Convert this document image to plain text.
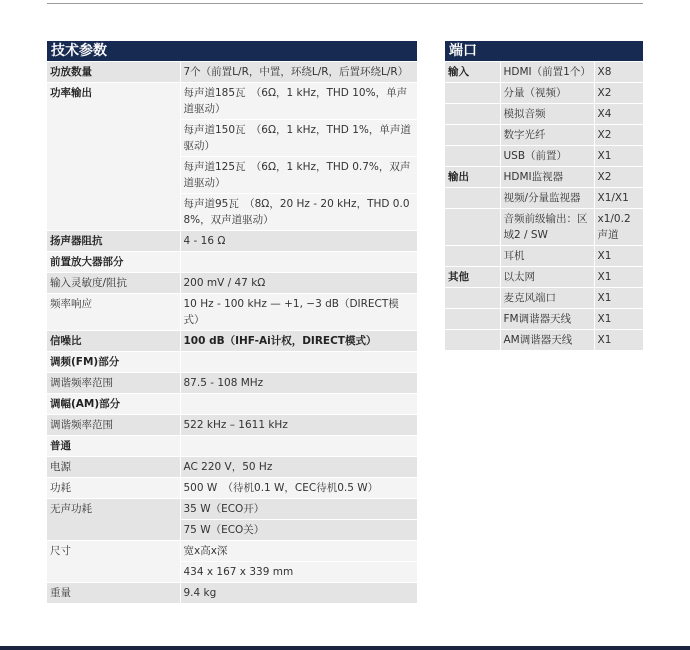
技术参数
功放数量	7个（前置L/R，中置，环绕L/R，后置环绕L/R）
功率输出	每声道185瓦　（6Ω，1 kHz，THD 10%，单声道驱动）
	每声道150瓦　（6Ω，1 kHz，THD 1%，单声道驱动）
	每声道125瓦　（6Ω，1 kHz，THD 0.7%，双声道驱动）
	每声道95瓦　（8Ω，20 Hz - 20 kHz，THD 0.08%，双声道驱动）
扬声器阻抗	4 - 16 Ω
前置放大器部分	
输入灵敏度/阻抗	200 mV / 47 kΩ
频率响应	10 Hz - 100 kHz — +1, −3 dB（DIRECT模式）
信噪比	100 dB（IHF-Ai计权，DIRECT模式）
调频(FM)部分	
调谐频率范围	87.5 - 108 MHz
调幅(AM)部分	
调谐频率范围	522 kHz – 1611 kHz
普通	
电源	AC 220 V，50 Hz
功耗	500 W　（待机0.1 W，CEC待机0.5 W）
无声功耗	35 W（ECO开）
	75 W（ECO关）
尺寸	宽x高x深
	434 x 167 x 339 mm
重量	9.4 kg
端口
输入	HDMI（前置1个）	X8
	分量（视频）	X2
	模拟音频	X4
	数字光纤	X2
	USB（前置）	X1
输出	HDMI监视器	X2
	视频/分量监视器	X1/X1
	音频前级输出：区域2 / SW	x1/0.2声道
	耳机	X1
其他	以太网	X1
	麦克风端口	X1
	FM调谐器天线	X1
	AM调谐器天线	X1
